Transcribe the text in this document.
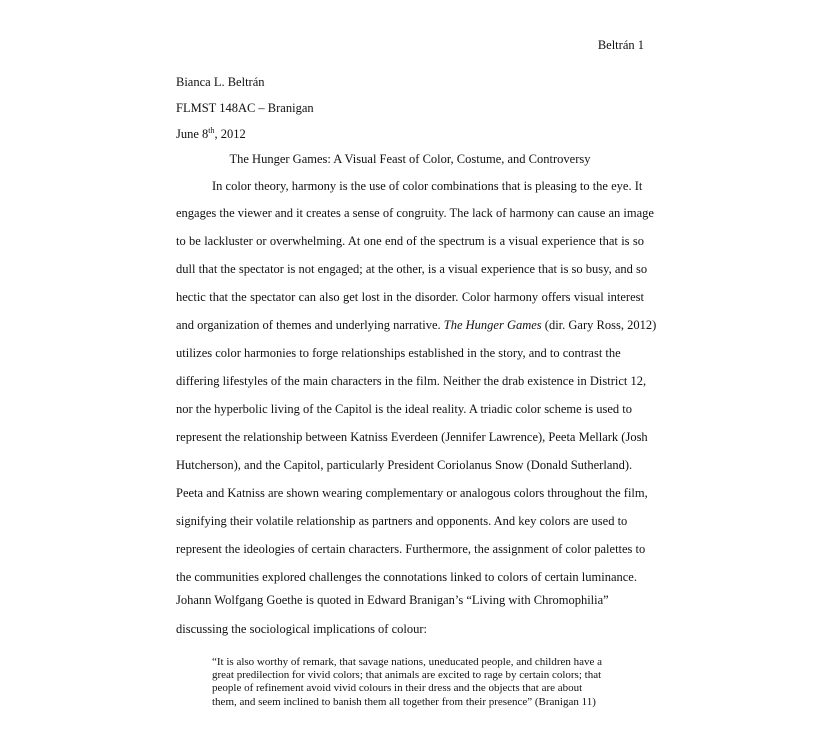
Beltrán 1
Bianca L. Beltrán
FLMST 148AC – Branigan
June 8th, 2012
The Hunger Games: A Visual Feast of Color, Costume, and Controversy
In color theory, harmony is the use of color combinations that is pleasing to the eye. It
engages the viewer and it creates a sense of congruity. The lack of harmony can cause an image
to be lackluster or overwhelming. At one end of the spectrum is a visual experience that is so
dull that the spectator is not engaged; at the other, is a visual experience that is so busy, and so
hectic that the spectator can also get lost in the disorder. Color harmony offers visual interest
and organization of themes and underlying narrative. The Hunger Games (dir. Gary Ross, 2012)
utilizes color harmonies to forge relationships established in the story, and to contrast the
differing lifestyles of the main characters in the film. Neither the drab existence in District 12,
nor the hyperbolic living of the Capitol is the ideal reality. A triadic color scheme is used to
represent the relationship between Katniss Everdeen (Jennifer Lawrence), Peeta Mellark (Josh
Hutcherson), and the Capitol, particularly President Coriolanus Snow (Donald Sutherland).
Peeta and Katniss are shown wearing complementary or analogous colors throughout the film,
signifying their volatile relationship as partners and opponents. And key colors are used to
represent the ideologies of certain characters. Furthermore, the assignment of color palettes to
the communities explored challenges the connotations linked to colors of certain luminance.
Johann Wolfgang Goethe is quoted in Edward Branigan’s “Living with Chromophilia”
discussing the sociological implications of colour:
“It is also worthy of remark, that savage nations, uneducated people, and children have a
great predilection for vivid colors; that animals are excited to rage by certain colors; that
people of refinement avoid vivid colours in their dress and the objects that are about
them, and seem inclined to banish them all together from their presence” (Branigan 11)
